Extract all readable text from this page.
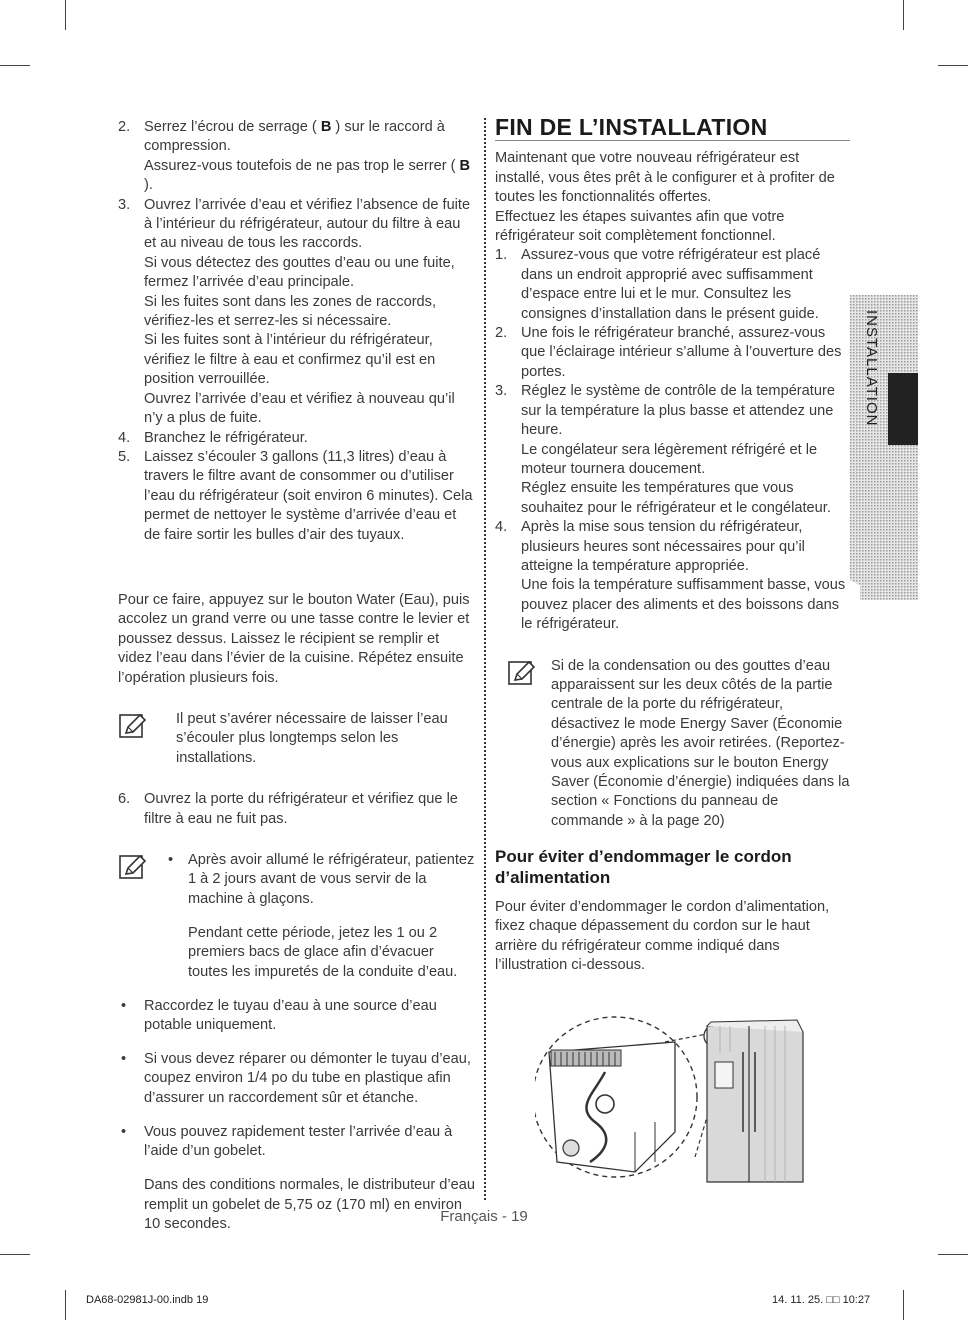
2. Serrez l’écrou de serrage ( B ) sur le raccord à compression.

Assurez-vous toutefois de ne pas trop le serrer ( B ).

3. Ouvrez l’arrivée d’eau et vérifiez l’absence de fuite à l’intérieur du réfrigérateur, autour du filtre à eau et au niveau de tous les raccords.

Si vous détectez des gouttes d’eau ou une fuite, fermez l’arrivée d’eau principale.

Si les fuites sont dans les zones de raccords, vérifiez-les et serrez-les si nécessaire.

Si les fuites sont à l’intérieur du réfrigérateur, vérifiez le filtre à eau et confirmez qu’il est en position verrouillée.

Ouvrez l’arrivée d’eau et vérifiez à nouveau qu’il n’y a plus de fuite.

4. Branchez le réfrigérateur.

5. Laissez s’écouler 3 gallons (11,3 litres) d’eau à travers le filtre avant de consommer ou d’utiliser l’eau du réfrigérateur (soit environ 6 minutes). Cela permet de nettoyer le système d’arrivée d’eau et de faire sortir les bulles d’air des tuyaux.

Pour ce faire, appuyez sur le bouton Water (Eau), puis accolez un grand verre ou une tasse contre le levier et poussez dessus. Laissez le récipient se remplir et videz l’eau dans l’évier de la cuisine. Répétez ensuite l’opération plusieurs fois.

Il peut s’avérer nécessaire de laisser l’eau s’écouler plus longtemps selon les installations.

6. Ouvrez la porte du réfrigérateur et vérifiez que le filtre à eau ne fuit pas.

• Après avoir allumé le réfrigérateur, patientez 1 à 2 jours avant de vous servir de la machine à glaçons.

Pendant cette période, jetez les 1 ou 2 premiers bacs de glace afin d’évacuer toutes les impuretés de la conduite d’eau.

• Raccordez le tuyau d’eau à une source d’eau potable uniquement.

• Si vous devez réparer ou démonter le tuyau d’eau, coupez environ 1/4 po du tube en plastique afin d’assurer un raccordement sûr et étanche.

• Vous pouvez rapidement tester l’arrivée d’eau à l’aide d’un gobelet.

Dans des conditions normales, le distributeur d’eau remplit un gobelet de 5,75 oz (170 ml) en environ 10 secondes.

FIN DE L’INSTALLATION

Maintenant que votre nouveau réfrigérateur est installé, vous êtes prêt à le configurer et à profiter de toutes les fonctionnalités offertes.

Effectuez les étapes suivantes afin que votre réfrigérateur soit complètement fonctionnel.

1. Assurez-vous que votre réfrigérateur est placé dans un endroit approprié avec suffisamment d’espace entre lui et le mur. Consultez les consignes d’installation dans le présent guide.

2. Une fois le réfrigérateur branché, assurez-vous que l’éclairage intérieur s’allume à l’ouverture des portes.

3. Réglez le système de contrôle de la température sur la température la plus basse et attendez une heure.

Le congélateur sera légèrement réfrigéré et le moteur tournera doucement.

Réglez ensuite les températures que vous souhaitez pour le réfrigérateur et le congélateur.

4. Après la mise sous tension du réfrigérateur, plusieurs heures sont nécessaires pour qu’il atteigne la température appropriée.

Une fois la température suffisamment basse, vous pouvez placer des aliments et des boissons dans le réfrigérateur.

Si de la condensation ou des gouttes d’eau apparaissent sur les deux côtés de la partie centrale de la porte du réfrigérateur, désactivez le mode Energy Saver (Économie d’énergie) après les avoir retirées. (Reportez-vous aux explications sur le bouton Energy Saver (Économie d’énergie) indiquées dans la section « Fonctions du panneau de commande » à la page 20)

Pour éviter d’endommager le cordon d’alimentation

Pour éviter d’endommager le cordon d’alimentation, fixez chaque dépassement du cordon sur le haut arrière du réfrigérateur comme indiqué dans l’illustration ci-dessous.

INSTALLATION
Français - 19
DA68-02981J-00.indb 19	14. 11. 25. □□ 10:27
